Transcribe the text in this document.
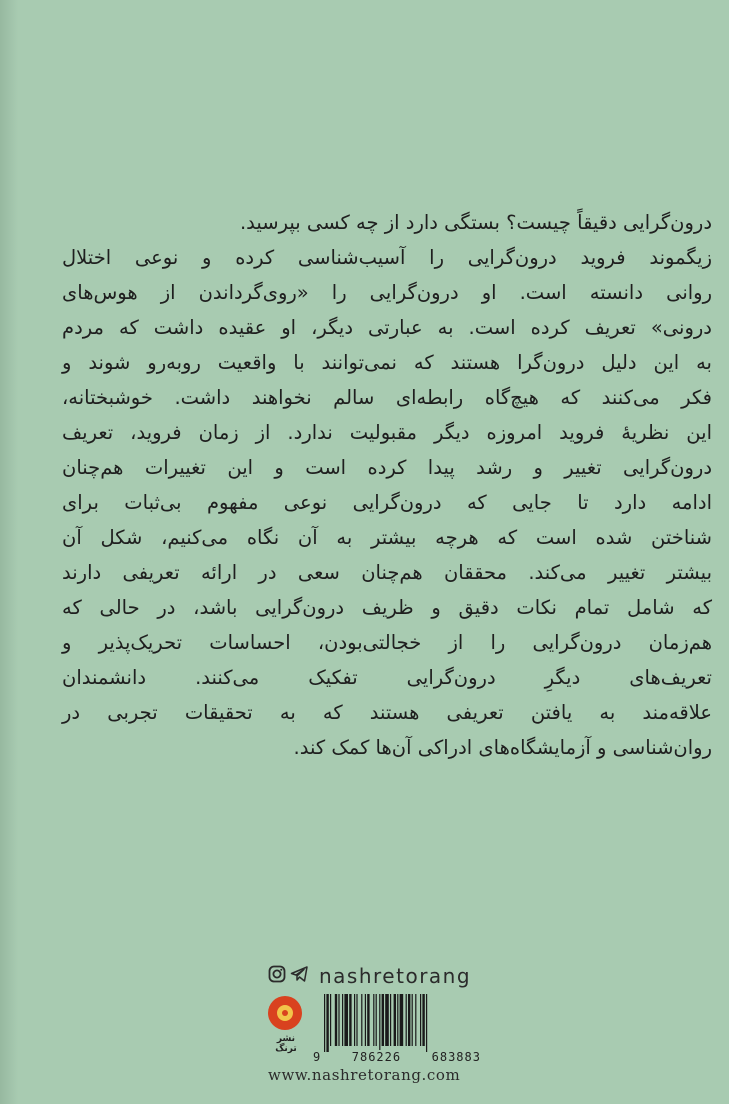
درون‌گرایی دقیقاً چیست؟ بستگی دارد از چه کسی بپرسید.
زیگموند فروید درون‌گرایی را آسیب‌شناسی کرده و نوعی اختلال
روانی دانسته است. او درون‌گرایی را «روی‌گرداندن از هوس‌های
درونی» تعریف کرده است. به عبارتی دیگر، او عقیده داشت که مردم
به این دلیل درون‌گرا هستند که نمی‌توانند با واقعیت روبه‌رو شوند و
فکر می‌کنند که هیچ‌گاه رابطه‌ای سالم نخواهند داشت. خوشبختانه،
این نظریهٔ فروید امروزه دیگر مقبولیت ندارد. از زمان فروید، تعریف
درون‌گرایی تغییر و رشد پیدا کرده است و این تغییرات هم‌چنان
ادامه دارد تا جایی که درون‌گرایی نوعی مفهوم بی‌ثبات برای
شناختن شده است که هرچه بیشتر به آن نگاه می‌کنیم، شکل آن
بیشتر تغییر می‌کند. محققان هم‌چنان سعی در ارائه تعریفی دارند
که شامل تمام نکات دقیق و ظریف درون‌گرایی باشد، در حالی که
هم‌زمان درون‌گرایی را از خجالتی‌بودن، احساسات تحریک‌پذیر و
تعریف‌های دیگرِ درون‌گرایی تفکیک می‌کنند. دانشمندان
علاقه‌مند به یافتن تعریفی هستند که به تحقیقات تجربی در
روان‌شناسی و آزمایشگاه‌های ادراکی آن‌ها کمک کند.
nashretorang
نشر ترنگ
9	786226	683883
www.nashretorang.com
